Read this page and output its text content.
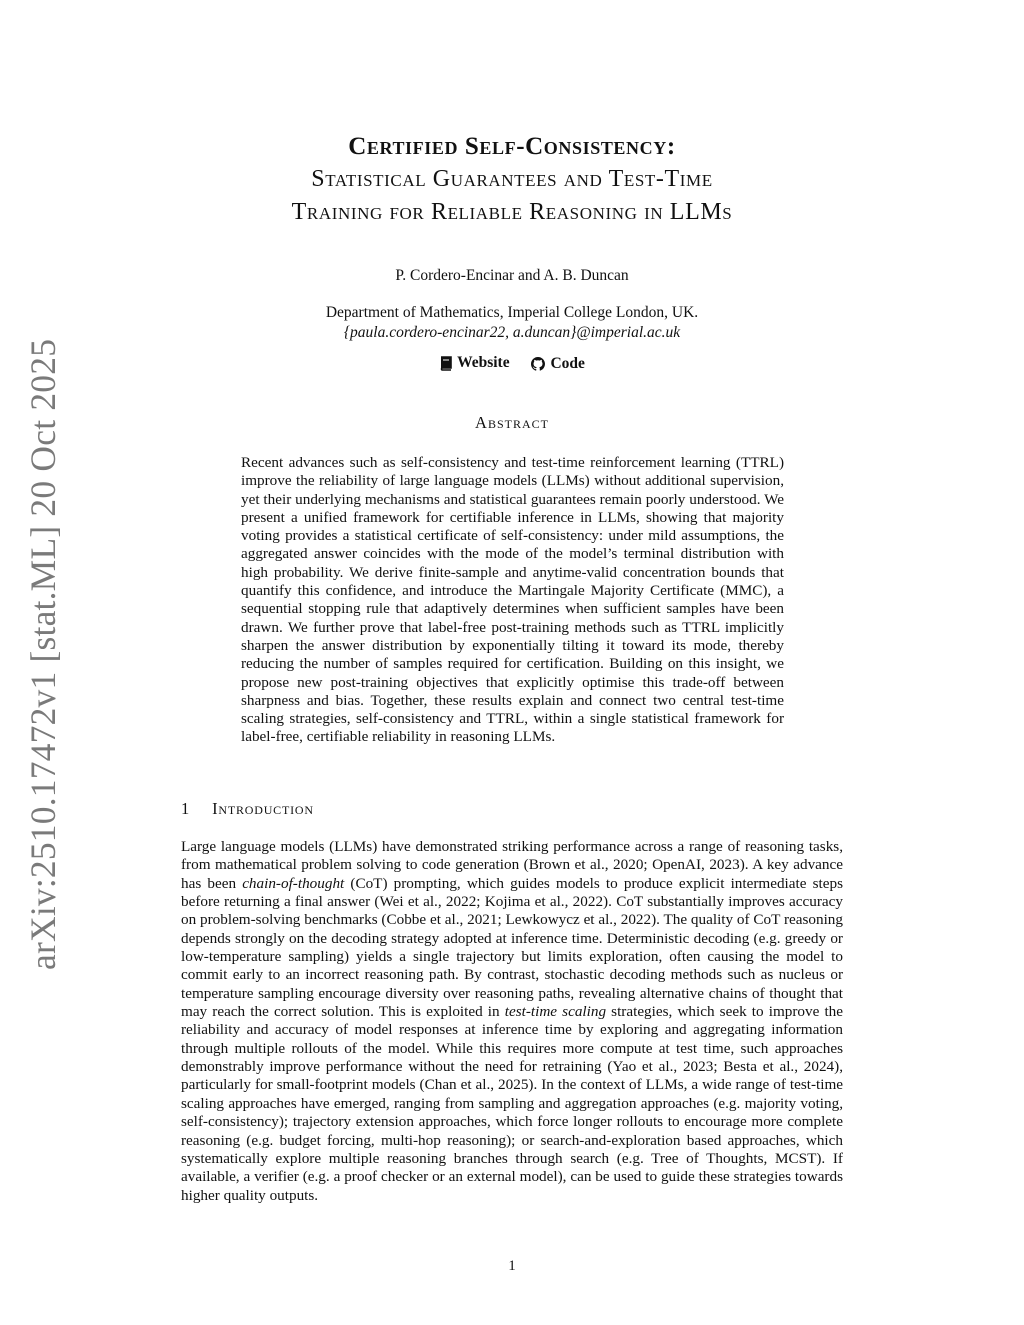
arXiv:2510.17472v1 [stat.ML] 20 Oct 2025
Certified Self-Consistency:
Statistical Guarantees and Test-Time
Training for Reliable Reasoning in LLMs
P. Cordero-Encinar and A. B. Duncan
Department of Mathematics, Imperial College London, UK.
{paula.cordero-encinar22, a.duncan}@imperial.ac.uk
Website
	Code
Abstract
Recent advances such as self-consistency and test-time reinforcement learning (TTRL) improve the reliability of large language models (LLMs) without additional supervision, yet their underlying mechanisms and statistical guarantees remain poorly understood. We present a unified framework for certifiable inference in LLMs, showing that majority voting provides a statistical certificate of self-consistency: under mild assumptions, the aggregated answer coincides with the mode of the model’s terminal distribution with high probability. We derive finite-sample and anytime-valid concentration bounds that quantify this confidence, and introduce the Martingale Majority Certificate (MMC), a sequential stopping rule that adaptively determines when sufficient samples have been drawn. We further prove that label-free post-training methods such as TTRL implicitly sharpen the answer distribution by exponentially tilting it toward its mode, thereby reducing the number of samples required for certification. Building on this insight, we propose new post-training objectives that explicitly optimise this trade-off between sharpness and bias. Together, these results explain and connect two central test-time scaling strategies, self-consistency and TTRL, within a single statistical framework for label-free, certifiable reliability in reasoning LLMs.
1 Introduction
Large language models (LLMs) have demonstrated striking performance across a range of reasoning tasks, from mathematical problem solving to code generation (Brown et al., 2020; OpenAI, 2023). A key advance has been chain-of-thought (CoT) prompting, which guides models to produce explicit intermediate steps before returning a final answer (Wei et al., 2022; Kojima et al., 2022). CoT substantially improves accuracy on problem-solving benchmarks (Cobbe et al., 2021; Lewkowycz et al., 2022). The quality of CoT reasoning depends strongly on the decoding strategy adopted at inference time. Deterministic decoding (e.g. greedy or low-temperature sampling) yields a single trajectory but limits exploration, often causing the model to commit early to an incorrect reasoning path. By contrast, stochastic decoding methods such as nucleus or temperature sampling encourage diversity over reasoning paths, revealing alternative chains of thought that may reach the correct solution. This is exploited in test-time scaling strategies, which seek to improve the reliability and accuracy of model responses at inference time by exploring and aggregating information through multiple rollouts of the model. While this requires more compute at test time, such approaches demonstrably improve performance without the need for retraining (Yao et al., 2023; Besta et al., 2024), particularly for small-footprint models (Chan et al., 2025). In the context of LLMs, a wide range of test-time scaling approaches have emerged, ranging from sampling and aggregation approaches (e.g. majority voting, self-consistency); trajectory extension approaches, which force longer rollouts to encourage more complete reasoning (e.g. budget forcing, multi-hop reasoning); or search-and-exploration based approaches, which systematically explore multiple reasoning branches through search (e.g. Tree of Thoughts, MCST). If available, a verifier (e.g. a proof checker or an external model), can be used to guide these strategies towards higher quality outputs.
1
